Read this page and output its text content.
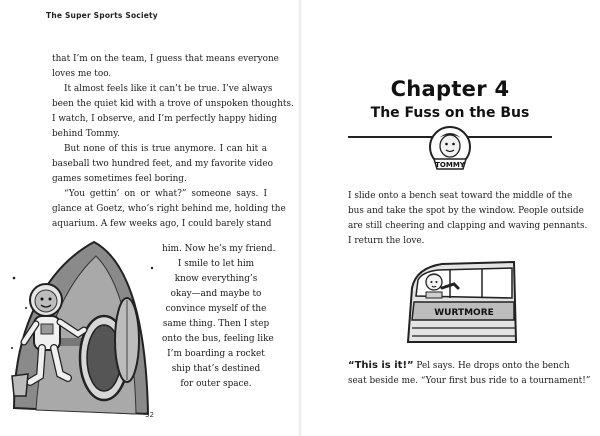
The Super Sports Society
that I’m on the team, I guess that means everyone
loves me too.
It almost feels like it can’t be true. I’ve always
been the quiet kid with a trove of unspoken thoughts.
I watch, I observe, and I’m perfectly happy hiding
behind Tommy.
But none of this is true anymore. I can hit a
baseball two hundred feet, and my favorite video
games sometimes feel boring.
“You gettin’ on or what?” someone says. I
glance at Goetz, who’s right behind me, holding the
aquarium. A few weeks ago, I could barely stand
him. Now he’s my friend.
I smile to let him
know everything’s
okay—and maybe to
convince myself of the
same thing. Then I step
onto the bus, feeling like
I’m boarding a rocket
ship that’s destined
for outer space.
32
Chapter 4
The Fuss on the Bus
TOMMY
I slide onto a bench seat toward the middle of the
bus and take the spot by the window. People outside
are still cheering and clapping and waving pennants.
I return the love.
WURTMORE
“This is it!” Pel says. He drops onto the bench
seat beside me. “Your first bus ride to a tournament!”
